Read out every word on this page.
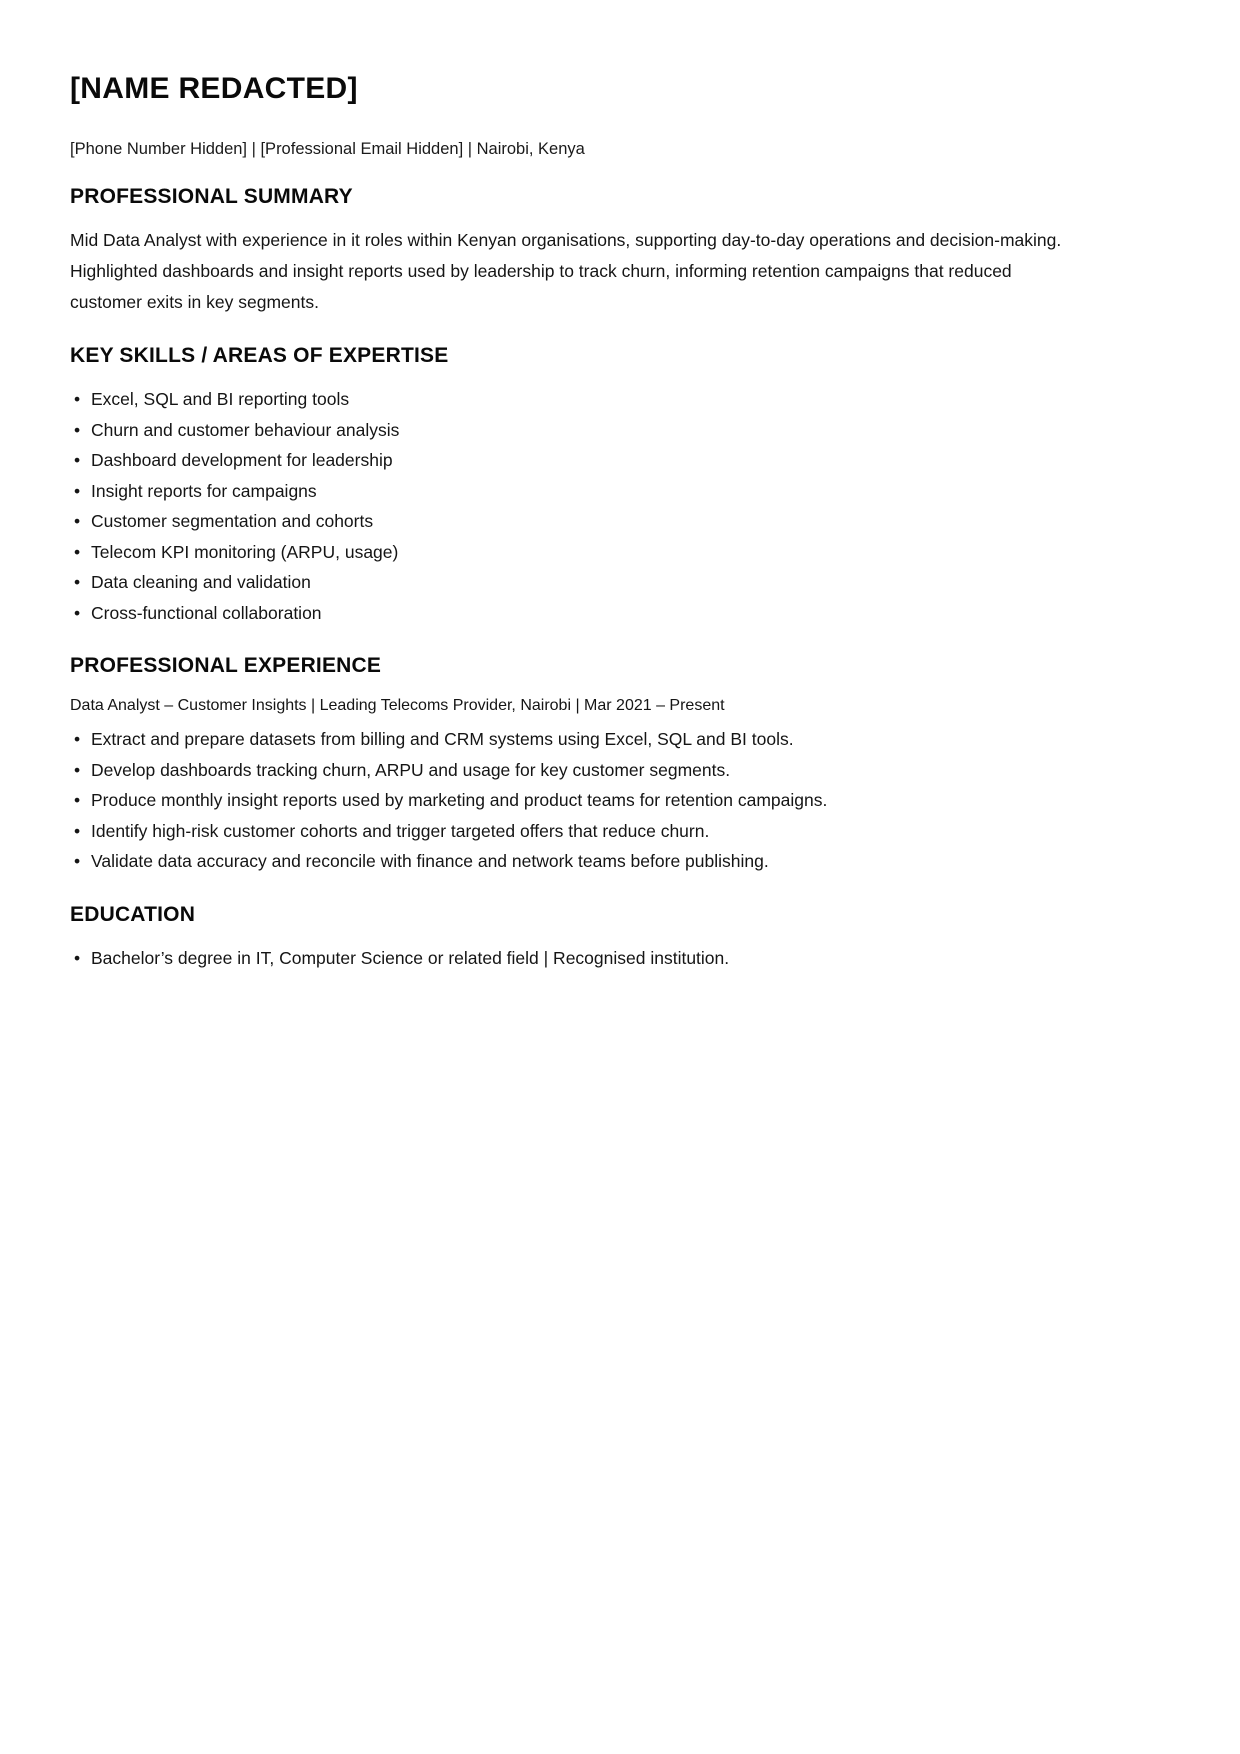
[NAME REDACTED]

[Phone Number Hidden] | [Professional Email Hidden] | Nairobi, Kenya

PROFESSIONAL SUMMARY

Mid Data Analyst with experience in it roles within Kenyan organisations, supporting day-to-day operations and decision-making.
Highlighted dashboards and insight reports used by leadership to track churn, informing retention campaigns that reduced customer exits in key segments.

KEY SKILLS / AREAS OF EXPERTISE
• Excel, SQL and BI reporting tools
• Churn and customer behaviour analysis
• Dashboard development for leadership
• Insight reports for campaigns
• Customer segmentation and cohorts
• Telecom KPI monitoring (ARPU, usage)
• Data cleaning and validation
• Cross-functional collaboration
PROFESSIONAL EXPERIENCE

Data Analyst – Customer Insights | Leading Telecoms Provider, Nairobi | Mar 2021 – Present

• Extract and prepare datasets from billing and CRM systems using Excel, SQL and BI tools.
• Develop dashboards tracking churn, ARPU and usage for key customer segments.
• Produce monthly insight reports used by marketing and product teams for retention campaigns.
• Identify high-risk customer cohorts and trigger targeted offers that reduce churn.
• Validate data accuracy and reconcile with finance and network teams before publishing.
EDUCATION
• Bachelor’s degree in IT, Computer Science or related field | Recognised institution.
